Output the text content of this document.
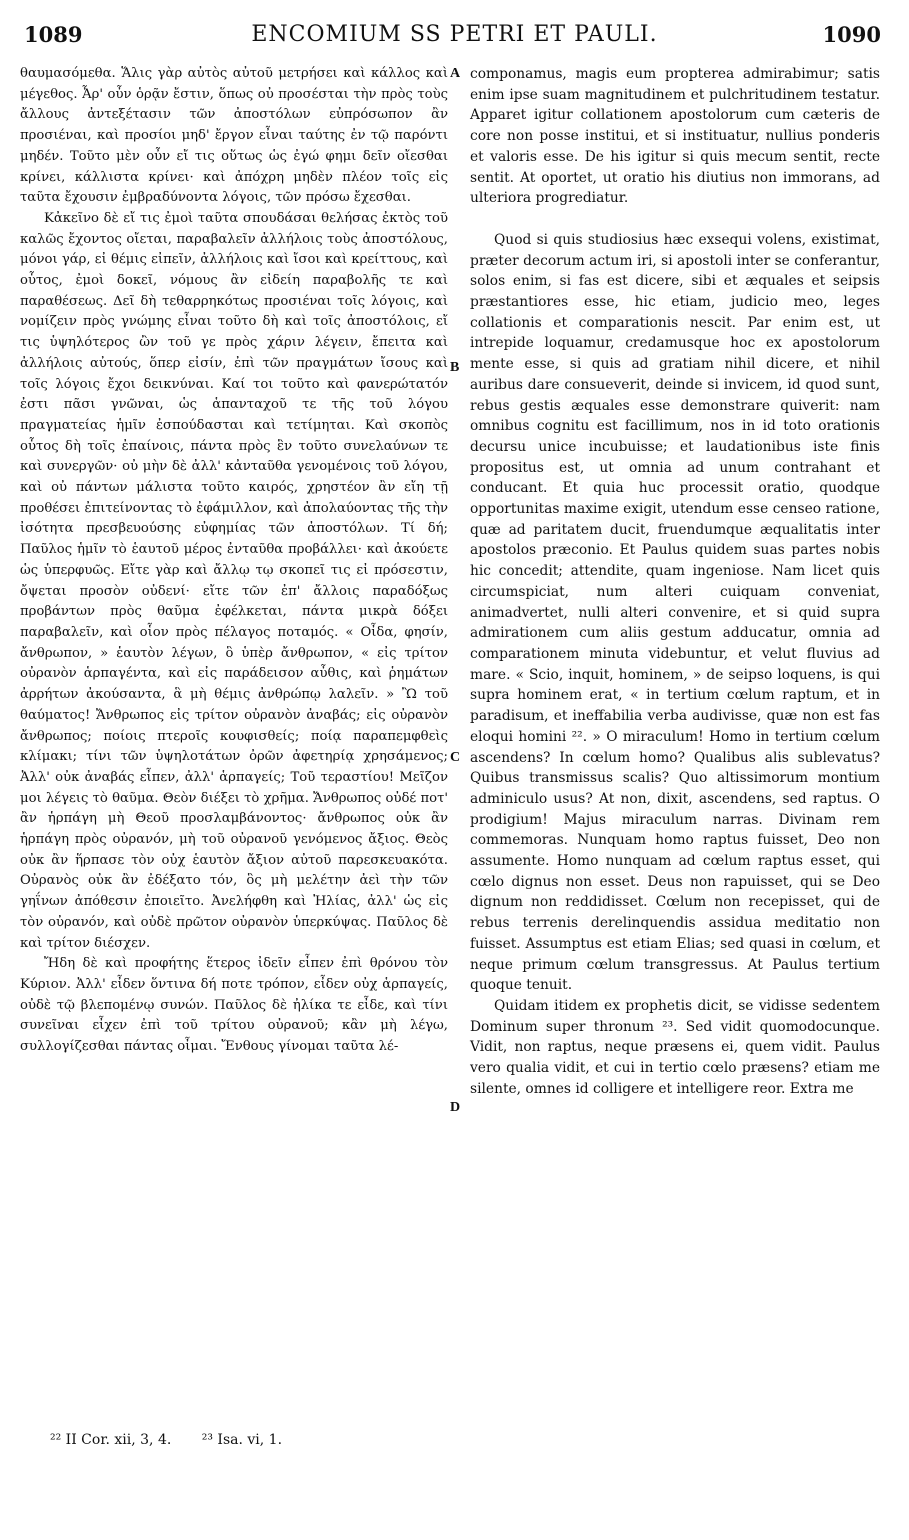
1089	ENCOMIUM SS PETRI ET PAULI.	1090

θαυμασόμεθα. Ἅλις γὰρ αὐτὸς αὐτοῦ μετρήσει καὶ κάλλος καὶ μέγεθος. Ἆρ' οὖν ὁρᾷν ἔστιν, ὅπως οὐ προσέσται τὴν πρὸς τοὺς ἄλλους ἀντεξέτασιν τῶν ἀποστόλων εὐπρόσωπον ἂν προσιέναι, καὶ προσίοι μηδ' ἔργον εἶναι ταύτης ἐν τῷ παρόντι μηδέν. Τοῦτο μὲν οὖν εἴ τις οὕτως ὡς ἐγώ φημι δεῖν οἴεσθαι κρίνει, κάλλιστα κρίνει· καὶ ἀπόχρη μηδὲν πλέον τοῖς εἰς ταῦτα ἔχουσιν ἐμβραδύνοντα λόγοις, τῶν πρόσω ἔχεσθαι.

Κἀκεῖνο δὲ εἴ τις ἐμοὶ ταῦτα σπουδάσαι θελήσας ἐκτὸς τοῦ καλῶς ἔχοντος οἴεται, παραβαλεῖν ἀλλήλοις τοὺς ἀποστόλους, μόνοι γάρ, εἰ θέμις εἰπεῖν, ἀλλήλοις καὶ ἴσοι καὶ κρείττους, καὶ οὗτος, ἐμοὶ δοκεῖ, νόμους ἂν εἰδείη παραβολῆς τε καὶ παραθέσεως. Δεῖ δὴ τεθαρρηκότως προσιέναι τοῖς λόγοις, καὶ νομίζειν πρὸς γνώμης εἶναι τοῦτο δὴ καὶ τοῖς ἀποστόλοις, εἴ τις ὑψηλότερος ὢν τοῦ γε πρὸς χάριν λέγειν, ἔπειτα καὶ ἀλλήλοις αὐτούς, ὅπερ εἰσίν, ἐπὶ τῶν πραγμάτων ἴσους καὶ τοῖς λόγοις ἔχοι δεικνύναι. Καί τοι τοῦτο καὶ φανερώτατόν ἐστι πᾶσι γνῶναι, ὡς ἁπανταχοῦ τε τῆς τοῦ λόγου πραγματείας ἡμῖν ἐσπούδασται καὶ τετίμηται. Καὶ σκοπὸς οὗτος δὴ τοῖς ἐπαίνοις, πάντα πρὸς ἓν τοῦτο συνελαύνων τε καὶ συνεργῶν· οὐ μὴν δὲ ἀλλ' κἀνταῦθα γενομένοις τοῦ λόγου, καὶ οὐ πάντων μάλιστα τοῦτο καιρός, χρηστέον ἂν εἴη τῇ προθέσει ἐπιτείνοντας τὸ ἐφάμιλλον, καὶ ἀπολαύοντας τῆς τὴν ἰσότητα πρεσβευούσης εὐφημίας τῶν ἀποστόλων. Τί δή; Παῦλος ἡμῖν τὸ ἑαυτοῦ μέρος ἐνταῦθα προβάλλει· καὶ ἀκούετε ὡς ὑπερφυῶς. Εἴτε γὰρ καὶ ἄλλῳ τῳ σκοπεῖ τις εἰ πρόσεστιν, ὄψεται προσὸν οὐδενί· εἴτε τῶν ἐπ' ἄλλοις παραδόξως προβάντων πρὸς θαῦμα ἐφέλκεται, πάντα μικρὰ δόξει παραβαλεῖν, καὶ οἷον πρὸς πέλαγος ποταμός. « Οἶδα, φησίν, ἄνθρωπον, » ἑαυτὸν λέγων, ὃ ὑπὲρ ἄνθρωπον, « εἰς τρίτον οὐρανὸν ἁρπαγέντα, καὶ εἰς παράδεισον αὖθις, καὶ ῥημάτων ἀρρήτων ἀκούσαντα, ἃ μὴ θέμις ἀνθρώπῳ λαλεῖν. » Ὢ τοῦ θαύματος! Ἄνθρωπος εἰς τρίτον οὐρανὸν ἀναβάς; εἰς οὐρανὸν ἄνθρωπος; ποίοις πτεροῖς κουφισθείς; ποίᾳ παραπεμφθεὶς κλίμακι; τίνι τῶν ὑψηλοτάτων ὀρῶν ἀφετηρίᾳ χρησάμενος; Ἀλλ' οὐκ ἀναβάς εἶπεν, ἀλλ' ἁρπαγείς; Τοῦ τεραστίου! Μεῖζον μοι λέγεις τὸ θαῦμα. Θεὸν διέξει τὸ χρῆμα. Ἄνθρωπος οὐδέ ποτ' ἂν ἡρπάγη μὴ Θεοῦ προσλαμβάνοντος· ἄνθρωπος οὐκ ἂν ἡρπάγη πρὸς οὐρανόν, μὴ τοῦ οὐρανοῦ γενόμενος ἄξιος. Θεὸς οὐκ ἂν ἥρπασε τὸν οὐχ ἑαυτὸν ἄξιον αὐτοῦ παρεσκευακότα. Οὐρανὸς οὐκ ἂν ἐδέξατο τόν, ὃς μὴ μελέτην ἀεὶ τὴν τῶν γηΐνων ἀπόθεσιν ἐποιεῖτο. Ἀνελήφθη καὶ Ἠλίας, ἀλλ' ὡς εἰς τὸν οὐρανόν, καὶ οὐδὲ πρῶτον οὐρανὸν ὑπερκύψας. Παῦλος δὲ καὶ τρίτον διέσχεν.

Ἤδη δὲ καὶ προφήτης ἕτερος ἰδεῖν εἶπεν ἐπὶ θρόνου τὸν Κύριον. Ἀλλ' εἶδεν ὅντινα δή ποτε τρόπον, εἶδεν οὐχ ἁρπαγείς, οὐδὲ τῷ βλεπομένῳ συνών. Παῦλος δὲ ἠλίκα τε εἶδε, καὶ τίνι συνεῖναι εἶχεν ἐπὶ τοῦ τρίτου οὐρανοῦ; κἂν μὴ λέγω, συλλογίζεσθαι πάντας οἶμαι. Ἔνθους γίνομαι ταῦτα λέ-

A
B
C
D

componamus, magis eum propterea admirabimur; satis enim ipse suam magnitudinem et pulchritudinem testatur. Apparet igitur collationem apostolorum cum cæteris de core non posse institui, et si instituatur, nullius ponderis et valoris esse. De his igitur si quis mecum sentit, recte sentit. At oportet, ut oratio his diutius non immorans, ad ulteriora progrediatur.

Quod si quis studiosius hæc exsequi volens, existimat, præter decorum actum iri, si apostoli inter se conferantur, solos enim, si fas est dicere, sibi et æquales et seipsis præstantiores esse, hic etiam, judicio meo, leges collationis et comparationis nescit. Par enim est, ut intrepide loquamur, credamusque hoc ex apostolorum mente esse, si quis ad gratiam nihil dicere, et nihil auribus dare consueverit, deinde si invicem, id quod sunt, rebus gestis æquales esse demonstrare quiverit: nam omnibus cognitu est facillimum, nos in id toto orationis decursu unice incubuisse; et laudationibus iste finis propositus est, ut omnia ad unum contrahant et conducant. Et quia huc processit oratio, quodque opportunitas maxime exigit, utendum esse censeo ratione, quæ ad paritatem ducit, fruendumque æqualitatis inter apostolos præconio. Et Paulus quidem suas partes nobis hic concedit; attendite, quam ingeniose. Nam licet quis circumspiciat, num alteri cuiquam conveniat, animadvertet, nulli alteri convenire, et si quid supra admirationem cum aliis gestum adducatur, omnia ad comparationem minuta videbuntur, et velut fluvius ad mare. « Scio, inquit, hominem, » de seipso loquens, is qui supra hominem erat, « in tertium cœlum raptum, et in paradisum, et ineffabilia verba audivisse, quæ non est fas eloqui homini ²². » O miraculum! Homo in tertium cœlum ascendens? In cœlum homo? Qualibus alis sublevatus? Quibus transmissus scalis? Quo altissimorum montium adminiculo usus? At non, dixit, ascendens, sed raptus. O prodigium! Majus miraculum narras. Divinam rem commemoras. Nunquam homo raptus fuisset, Deo non assumente. Homo nunquam ad cœlum raptus esset, qui cœlo dignus non esset. Deus non rapuisset, qui se Deo dignum non reddidisset. Cœlum non recepisset, qui de rebus terrenis derelinquendis assidua meditatio non fuisset. Assumptus est etiam Elias; sed quasi in cœlum, et neque primum cœlum transgressus. At Paulus tertium quoque tenuit.

Quidam itidem ex prophetis dicit, se vidisse sedentem Dominum super thronum ²³. Sed vidit quomodocunque. Vidit, non raptus, neque præsens ei, quem vidit. Paulus vero qualia vidit, et cui in tertio cœlo præsens? etiam me silente, omnes id colligere et intelligere reor. Extra me

²² II Cor. xii, 3, 4. ²³ Isa. vi, 1.
